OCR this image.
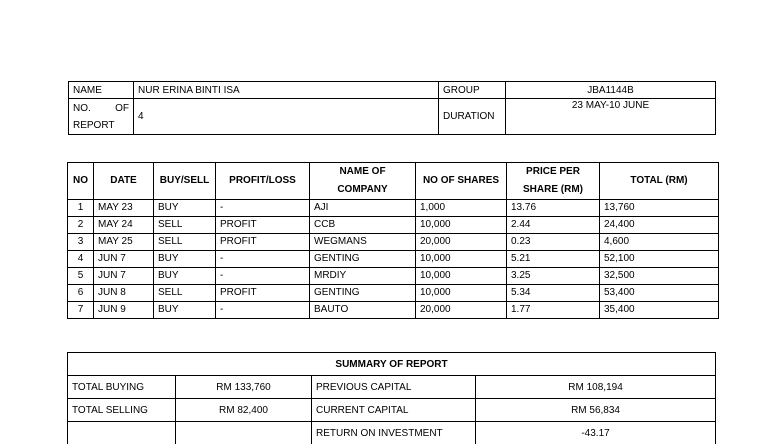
NAME	NUR ERINA BINTI ISA	GROUP	JBA1144B

NO. OF
REPORT	4	DURATION	23 MAY-10 JUNE
NO	DATE	BUY/SELL	PROFIT/LOSS	NAME OF COMPANY	NO OF SHARES	PRICE PER SHARE (RM)	TOTAL (RM)
1	MAY 23	BUY	-	AJI	1,000	13.76	13,760
2	MAY 24	SELL	PROFIT	CCB	10,000	2.44	24,400
3	MAY 25	SELL	PROFIT	WEGMANS	20,000	0.23	4,600
4	JUN 7	BUY	-	GENTING	10,000	5.21	52,100
5	JUN 7	BUY	-	MRDIY	10,000	3.25	32,500
6	JUN 8	SELL	PROFIT	GENTING	10,000	5.34	53,400
7	JUN 9	BUY	-	BAUTO	20,000	1.77	35,400
SUMMARY OF REPORT			
TOTAL BUYING	RM 133,760	PREVIOUS CAPITAL	RM 108,194
TOTAL SELLING	RM 82,400	CURRENT CAPITAL	RM 56,834
		RETURN ON INVESTMENT	-43.17
